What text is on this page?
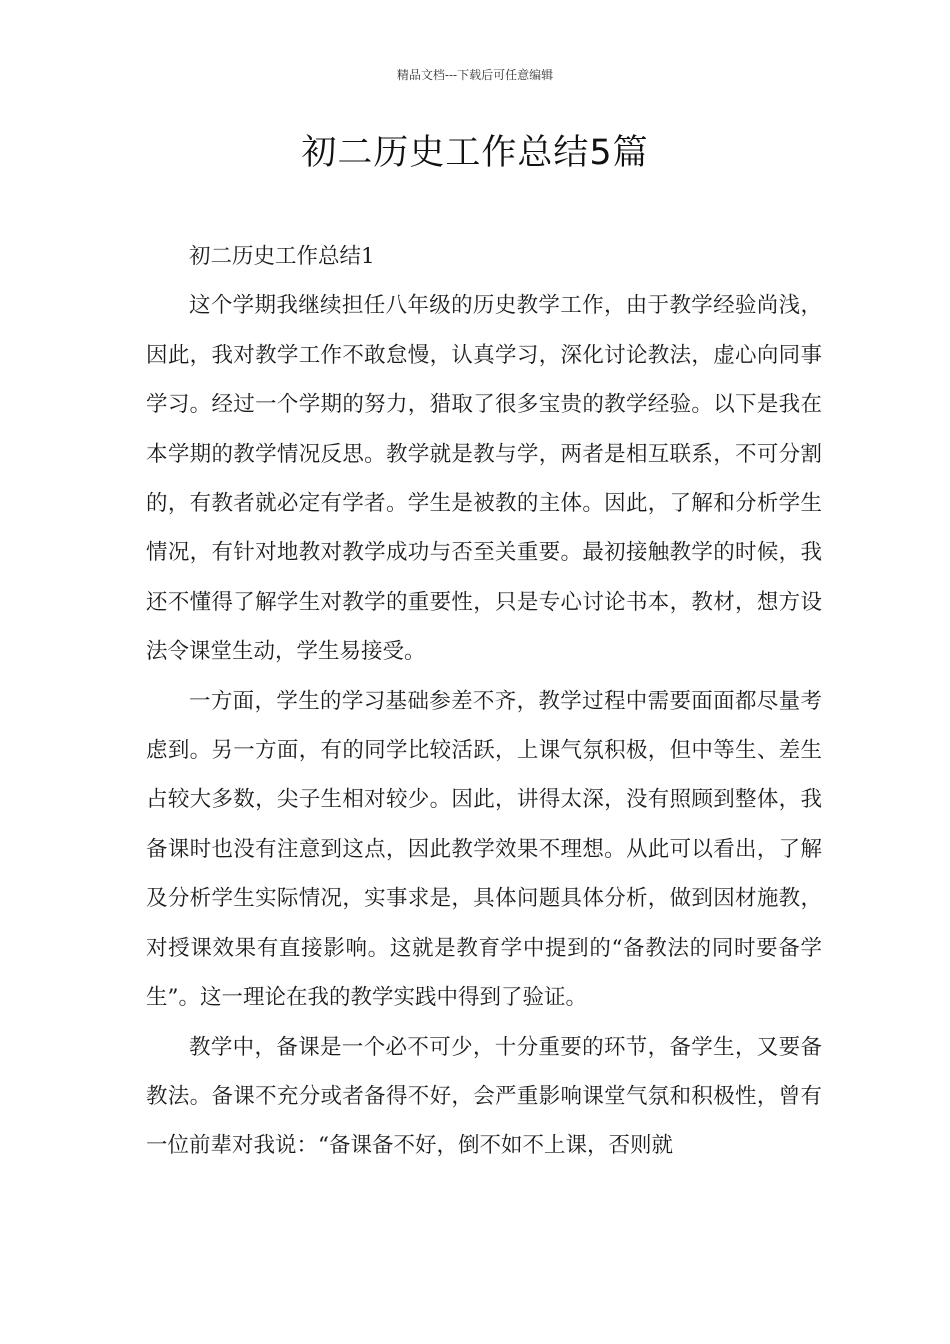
精品文档---下载后可任意编辑
初二历史工作总结5篇

初二历史工作总结1

这个学期我继续担任八年级的历史教学工作，由于教学经验尚浅，因此，我对教学工作不敢怠慢，认真学习，深化讨论教法，虚心向同事学习。经过一个学期的努力，猎取了很多宝贵的教学经验。以下是我在本学期的教学情况反思。教学就是教与学，两者是相互联系，不可分割的，有教者就必定有学者。学生是被教的主体。因此，了解和分析学生情况，有针对地教对教学成功与否至关重要。最初接触教学的时候，我还不懂得了解学生对教学的重要性，只是专心讨论书本，教材，想方设法令课堂生动，学生易接受。

一方面，学生的学习基础参差不齐，教学过程中需要面面都尽量考虑到。另一方面，有的同学比较活跃，上课气氛积极，但中等生、差生占较大多数，尖子生相对较少。因此，讲得太深，没有照顾到整体，我备课时也没有注意到这点，因此教学效果不理想。从此可以看出，了解及分析学生实际情况，实事求是，具体问题具体分析，做到因材施教，对授课效果有直接影响。这就是教育学中提到的“备教法的同时要备学生”。这一理论在我的教学实践中得到了验证。

教学中，备课是一个必不可少，十分重要的环节，备学生，又要备教法。备课不充分或者备得不好，会严重影响课堂气氛和积极性，曾有一位前辈对我说：“备课备不好，倒不如不上课，否则就
